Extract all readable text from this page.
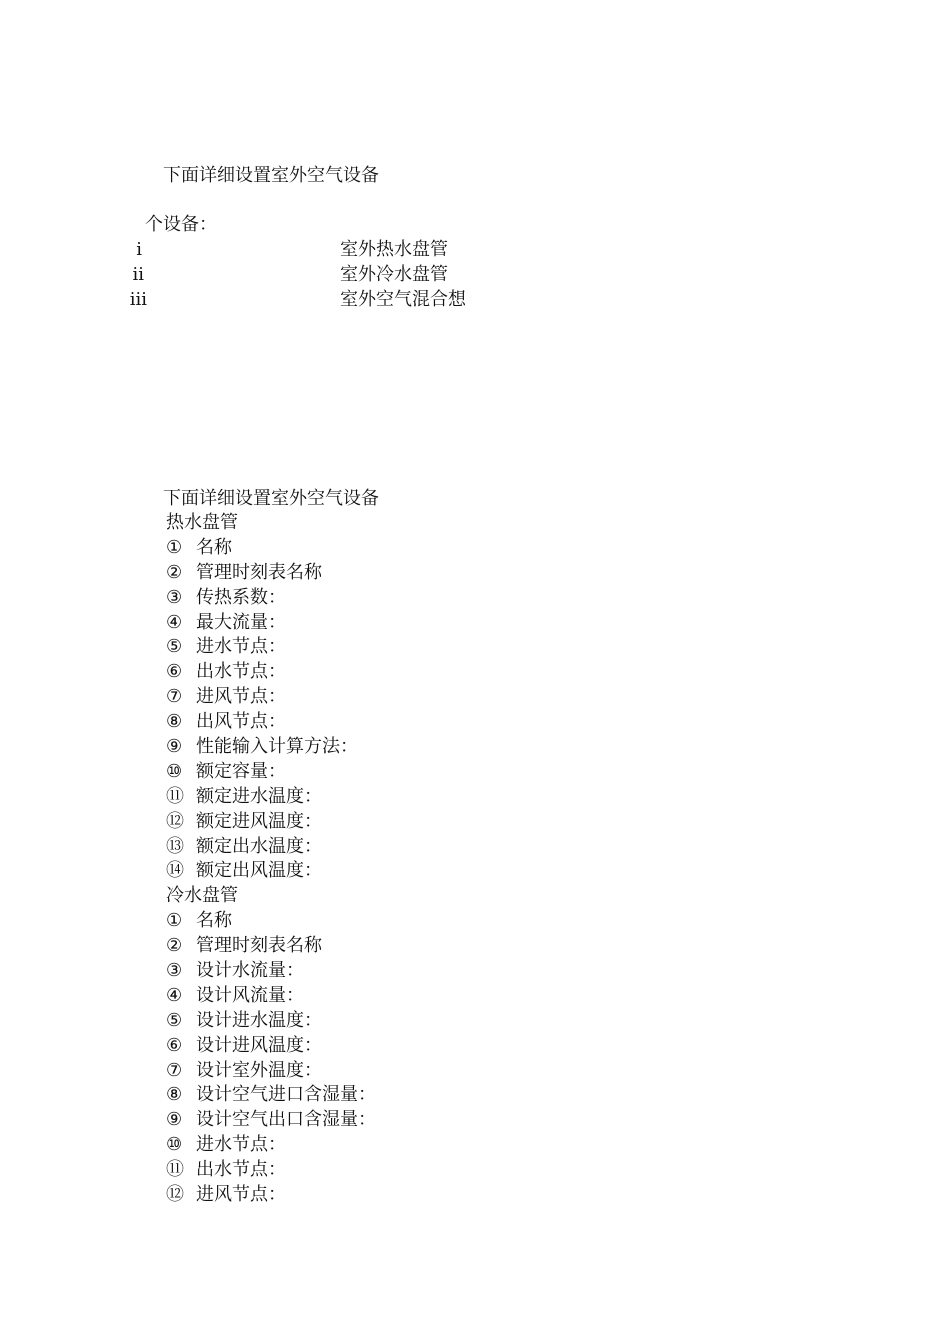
下面详细设置室外空气设备
个设备：
i	室外热水盘管
ii	室外冷水盘管
iii	室外空气混合想
下面详细设置室外空气设备
热水盘管
① 名称
② 管理时刻表名称
③ 传热系数：
④ 最大流量：
⑤ 进水节点：
⑥ 出水节点：
⑦ 进风节点：
⑧ 出风节点：
⑨ 性能输入计算方法：
⑩ 额定容量：
⑪ 额定进水温度：
⑫ 额定进风温度：
⑬ 额定出水温度：
⑭ 额定出风温度：
冷水盘管
① 名称
② 管理时刻表名称
③ 设计水流量：
④ 设计风流量：
⑤ 设计进水温度：
⑥ 设计进风温度：
⑦ 设计室外温度：
⑧ 设计空气进口含湿量：
⑨ 设计空气出口含湿量：
⑩ 进水节点：
⑪ 出水节点：
⑫ 进风节点：
